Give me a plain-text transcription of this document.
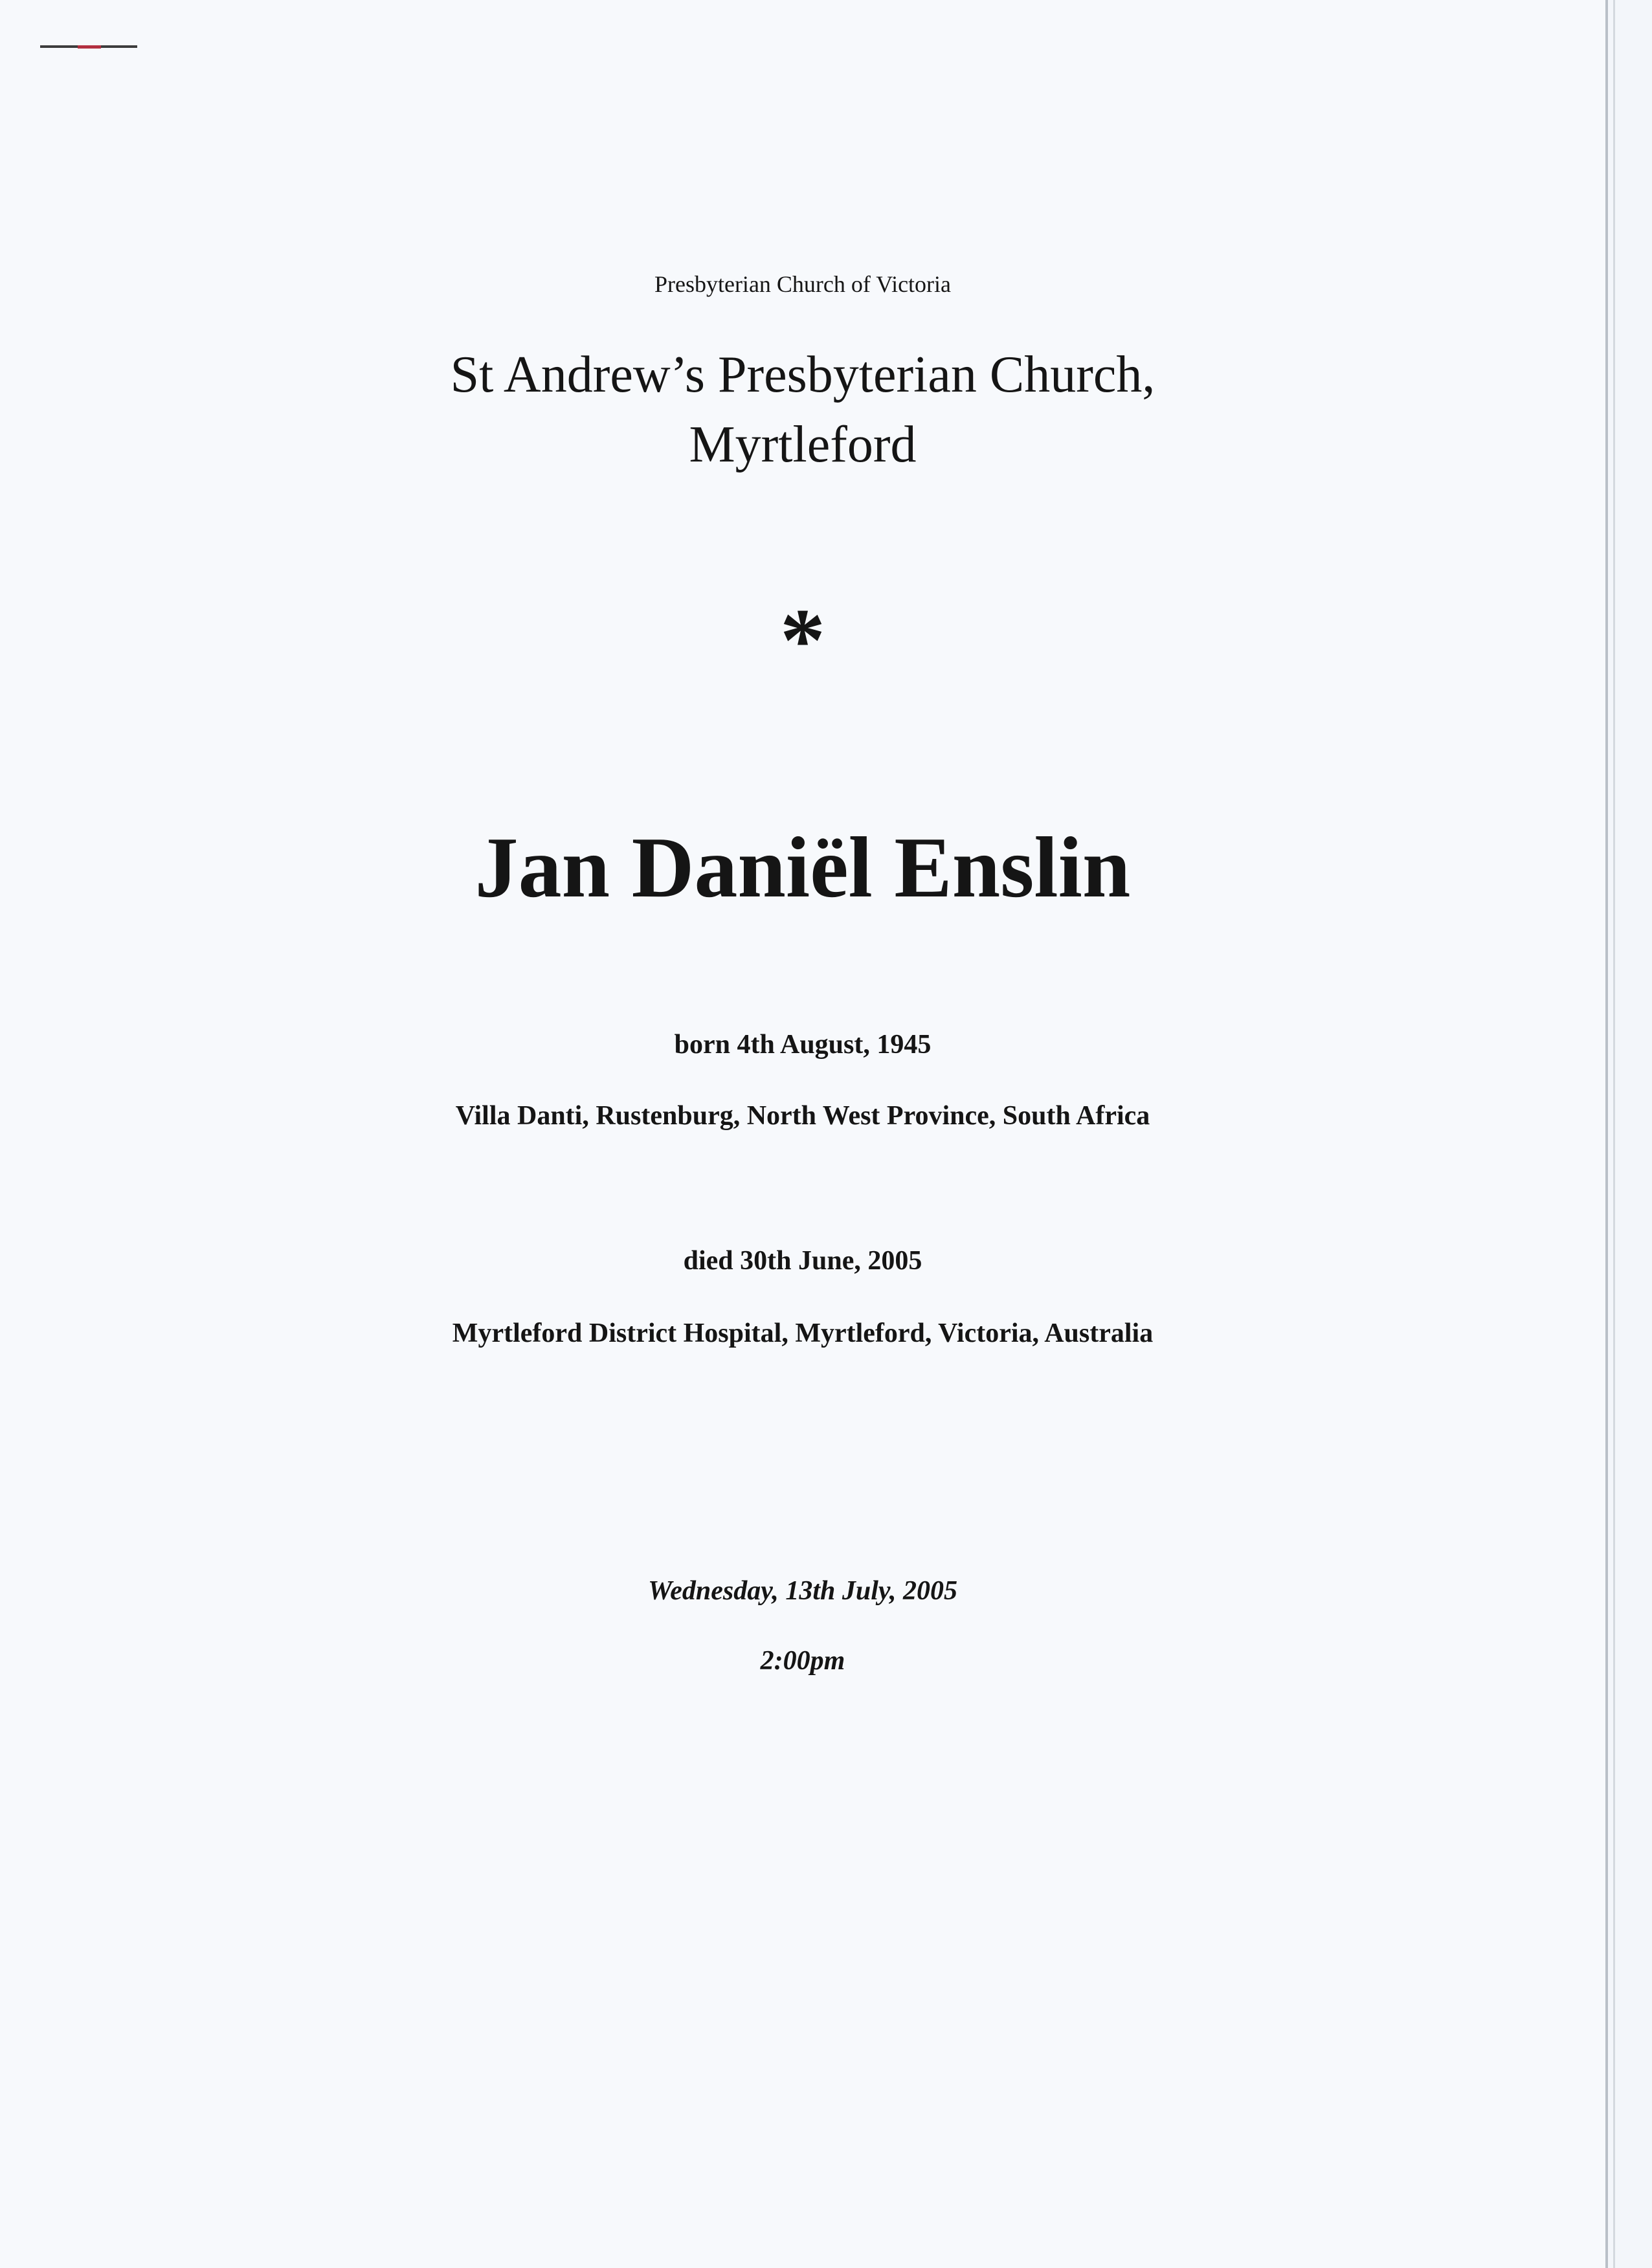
Presbyterian Church of Victoria

St Andrew’s Presbyterian Church,
Myrtleford

*

Jan Daniël Enslin

born 4th August, 1945

Villa Danti, Rustenburg, North West Province, South Africa

died 30th June, 2005

Myrtleford District Hospital, Myrtleford, Victoria, Australia

Wednesday, 13th July, 2005

2:00pm
